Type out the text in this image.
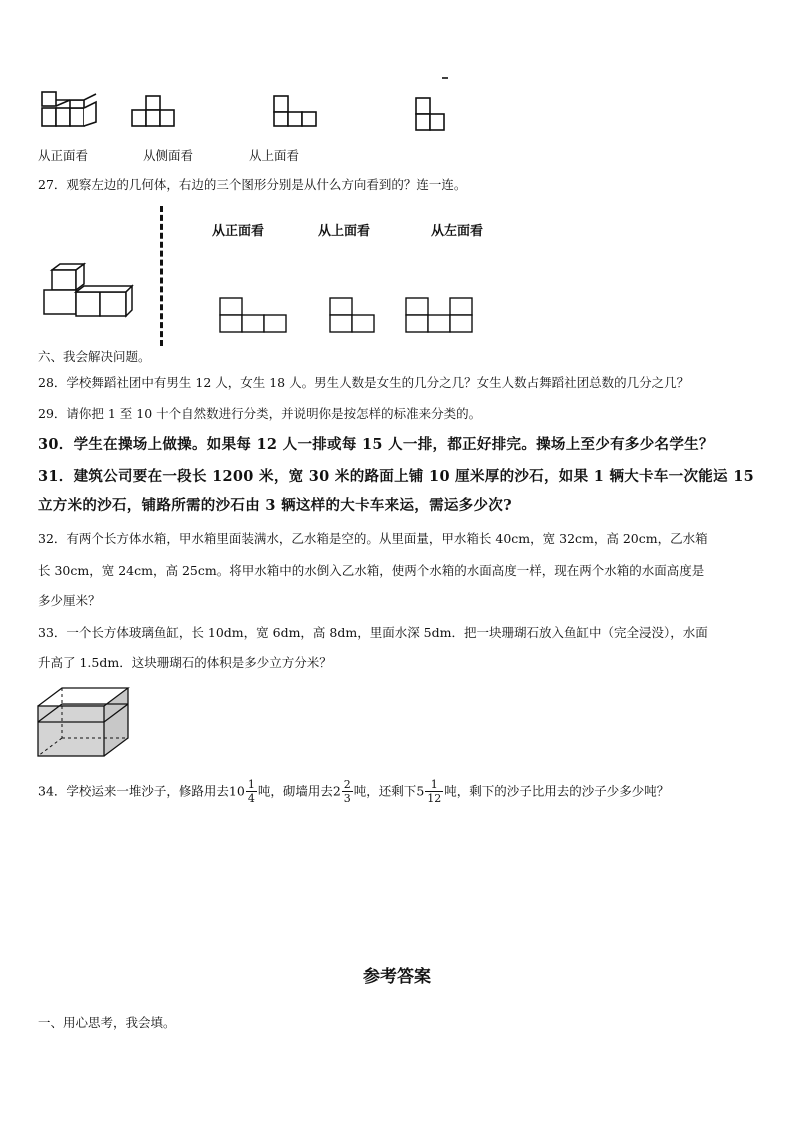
从正面看	从侧面看	从上面看
27．观察左边的几何体，右边的三个图形分别是从什么方向看到的？连一连。
从正面看	从上面看	从左面看
六、我会解决问题。
28．学校舞蹈社团中有男生 12 人，女生 18 人。男生人数是女生的几分之几？女生人数占舞蹈社团总数的几分之几？
29．请你把 1 至 10 十个自然数进行分类，并说明你是按怎样的标准来分类的。
30．学生在操场上做操。如果每 12 人一排或每 15 人一排，都正好排完。操场上至少有多少名学生？
31．建筑公司要在一段长 1200 米，宽 30 米的路面上铺 10 厘米厚的沙石，如果 1 辆大卡车一次能运 15
立方米的沙石，铺路所需的沙石由 3 辆这样的大卡车来运，需运多少次?
32．有两个长方体水箱，甲水箱里面装满水，乙水箱是空的。从里面量，甲水箱长 40cm，宽 32cm，高 20cm，乙水箱
长 30cm，宽 24cm，高 25cm。将甲水箱中的水倒入乙水箱，使两个水箱的水面高度一样，现在两个水箱的水面高度是
多少厘米？
33．一个长方体玻璃鱼缸，长 10dm，宽 6dm，高 8dm，里面水深 5dm．把一块珊瑚石放入鱼缸中（完全浸没），水面
升高了 1.5dm．这块珊瑚石的体积是多少立方分米？
34．学校运来一堆沙子，修路用去$10 \frac{1}{4}$ 吨，砌墙用去$2 \frac{2}{3}$ 吨，还剩下$5 \frac{1}{12}$ 吨，剩下的沙子比用去的沙子少多少吨？
参考答案
一、用心思考，我会填。
